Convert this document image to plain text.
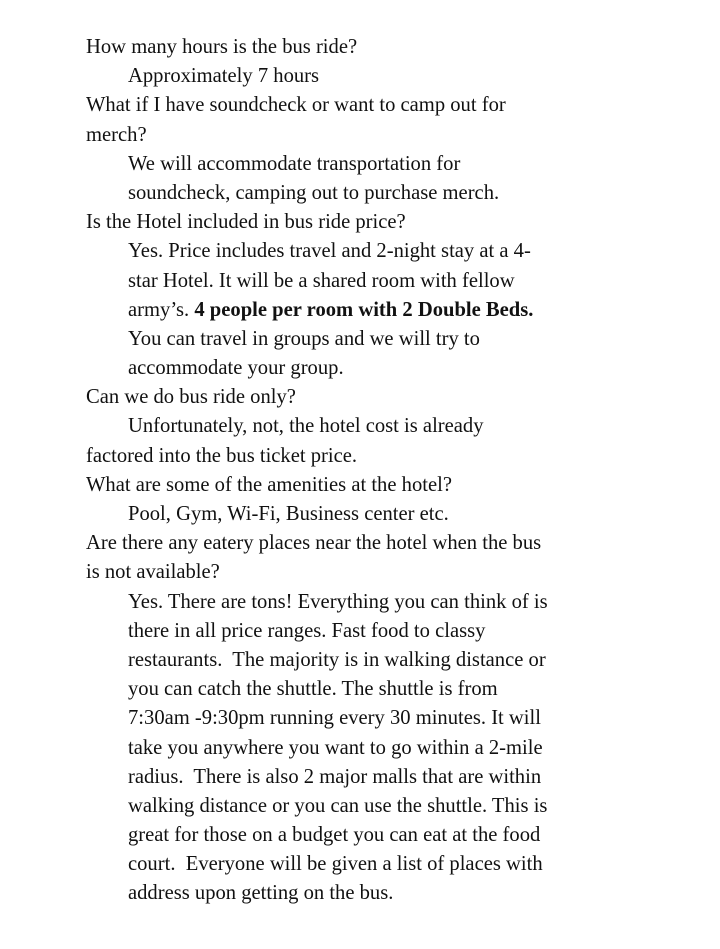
How many hours is the bus ride?
Approximately 7 hours
What if I have soundcheck or want to camp out for
merch?
We will accommodate transportation for
soundcheck, camping out to purchase merch.
Is the Hotel included in bus ride price?
Yes. Price includes travel and 2-night stay at a 4-
star Hotel. It will be a shared room with fellow
army’s. 4 people per room with 2 Double Beds.
You can travel in groups and we will try to
accommodate your group.
Can we do bus ride only?
Unfortunately, not, the hotel cost is already
factored into the bus ticket price.
What are some of the amenities at the hotel?
Pool, Gym, Wi-Fi, Business center etc.
Are there any eatery places near the hotel when the bus
is not available?
Yes. There are tons! Everything you can think of is
there in all price ranges. Fast food to classy
restaurants.  The majority is in walking distance or
you can catch the shuttle. The shuttle is from
7:30am -9:30pm running every 30 minutes. It will
take you anywhere you want to go within a 2-mile
radius.  There is also 2 major malls that are within
walking distance or you can use the shuttle. This is
great for those on a budget you can eat at the food
court.  Everyone will be given a list of places with
address upon getting on the bus.
